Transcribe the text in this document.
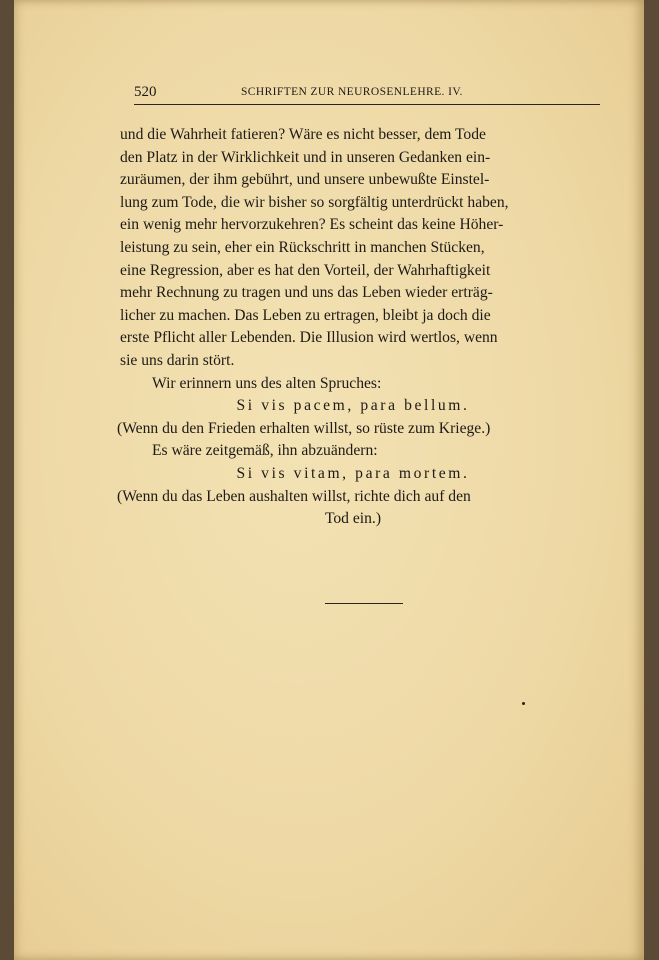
520	SCHRIFTEN ZUR NEUROSENLEHRE. IV.

und die Wahrheit fatieren? Wäre es nicht besser, dem Tode
den Platz in der Wirklichkeit und in unseren Gedanken ein-
zuräumen, der ihm gebührt, und unsere unbewußte Einstel-
lung zum Tode, die wir bisher so sorgfältig unterdrückt haben,
ein wenig mehr hervorzukehren? Es scheint das keine Höher-
leistung zu sein, eher ein Rückschritt in manchen Stücken,
eine Regression, aber es hat den Vorteil, der Wahrhaftigkeit
mehr Rechnung zu tragen und uns das Leben wieder erträg-
licher zu machen. Das Leben zu ertragen, bleibt ja doch die
erste Pflicht aller Lebenden. Die Illusion wird wertlos, wenn
sie uns darin stört.

Wir erinnern uns des alten Spruches:
Si vis pacem, para bellum.
(Wenn du den Frieden erhalten willst, so rüste zum Kriege.)
Es wäre zeitgemäß, ihn abzuändern:
Si vis vitam, para mortem.
(Wenn du das Leben aushalten willst, richte dich auf den
Tod ein.)
